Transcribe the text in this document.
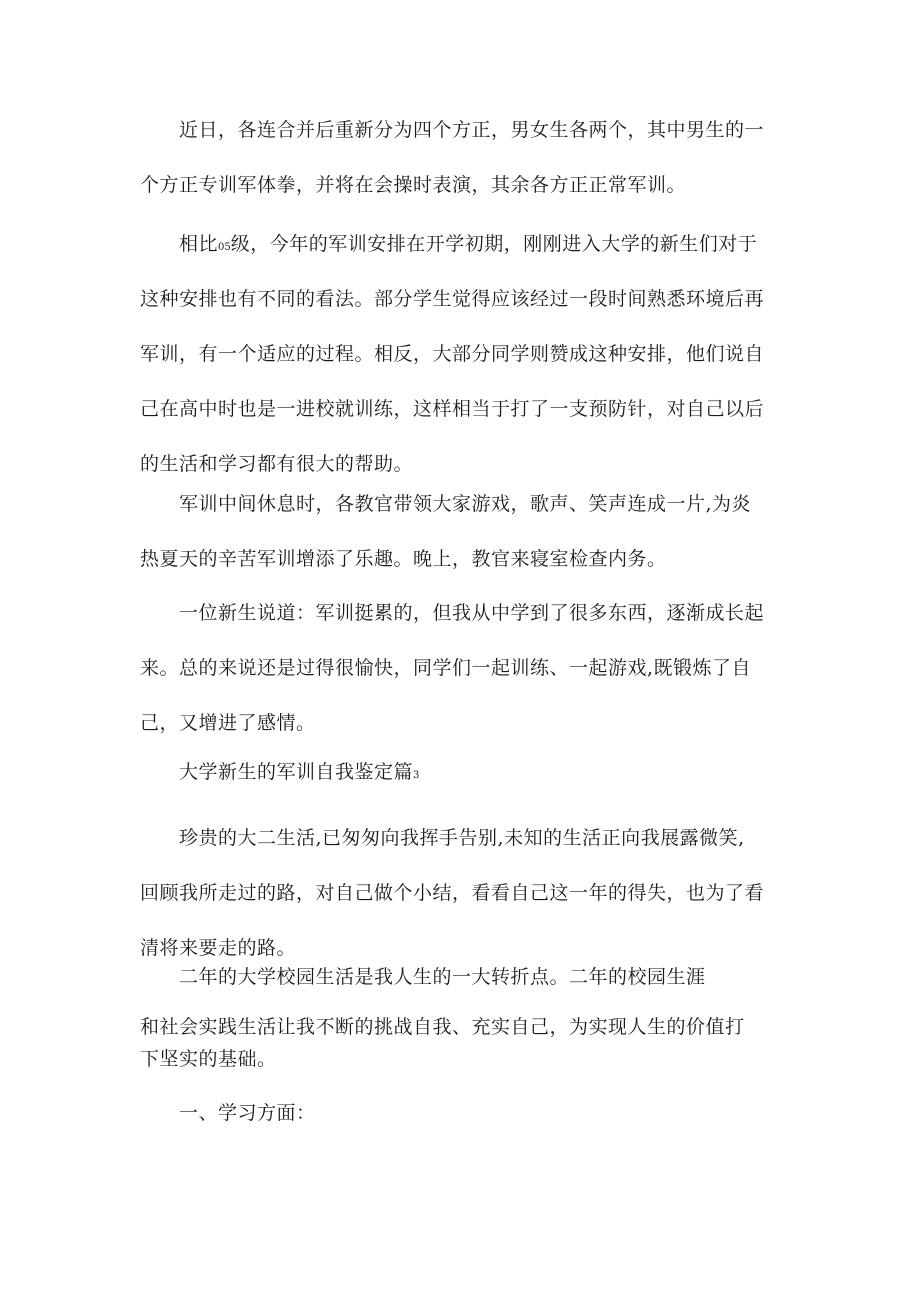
　　近日，各连合并后重新分为四个方正，男女生各两个，其中男生的一
个方正专训军体拳，并将在会操时表演，其余各方正正常军训。

　　相比05级，今年的军训安排在开学初期，刚刚进入大学的新生们对于
这种安排也有不同的看法。部分学生觉得应该经过一段时间熟悉环境后再
军训，有一个适应的过程。相反，大部分同学则赞成这种安排，他们说自
己在高中时也是一进校就训练，这样相当于打了一支预防针，对自己以后
的生活和学习都有很大的帮助。

　　军训中间休息时，各教官带领大家游戏，歌声、笑声连成一片,为炎
热夏天的辛苦军训增添了乐趣。晚上，教官来寝室检查内务。

　　一位新生说道：军训挺累的，但我从中学到了很多东西，逐渐成长起
来。总的来说还是过得很愉快，同学们一起训练、一起游戏,既锻炼了自
己，又增进了感情。

　　大学新生的军训自我鉴定篇3

　　珍贵的大二生活,已匆匆向我挥手告别,未知的生活正向我展露微笑,
回顾我所走过的路，对自己做个小结，看看自己这一年的得失，也为了看
清将来要走的路。

　　二年的大学校园生活是我人生的一大转折点。二年的校园生涯

和社会实践生活让我不断的挑战自我、充实自己，为实现人生的价值打
下坚实的基础。

　　一、学习方面：
